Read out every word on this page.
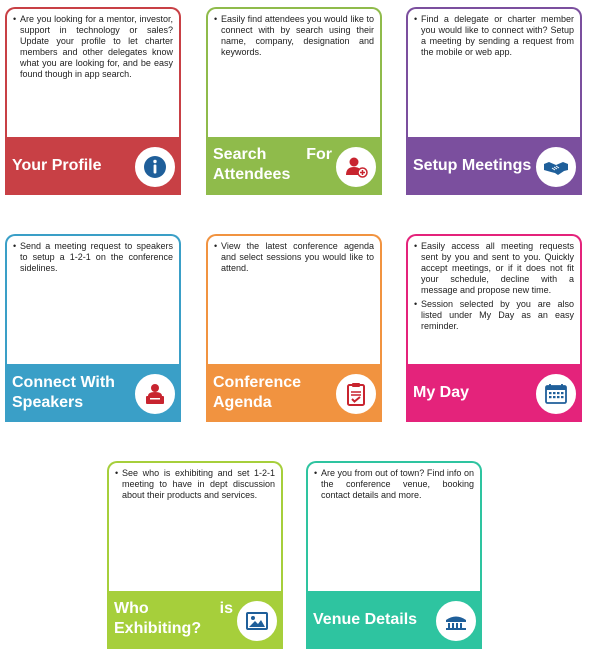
• Are you looking for a mentor, investor, support in technology or sales? Update your profile to let charter members and other delegates know what you are looking for, and be easy found though in app search.
Your Profile
• Easily find attendees you would like to connect with by search using their name, company, designation and keywords.
Search For Attendees
• Find a delegate or charter member you would like to connect with? Setup a meeting by sending a request from the mobile or web app.
Setup Meetings
• Send a meeting request to speakers to setup a 1-2-1 on the conference sidelines.
Connect With Speakers
• View the latest conference agenda and select sessions you would like to attend.
Conference Agenda
• Easily access all meeting requests sent by you and sent to you. Quickly accept meetings, or if it does not fit your schedule, decline with a message and propose new time.
• Session selected by you are also listed under My Day as an easy reminder.
My Day
• See who is exhibiting and set 1-2-1 meeting to have in dept discussion about their products and services.
Who is Exhibiting?
• Are you from out of town? Find info on the conference venue, booking contact details and more.
Venue Details
